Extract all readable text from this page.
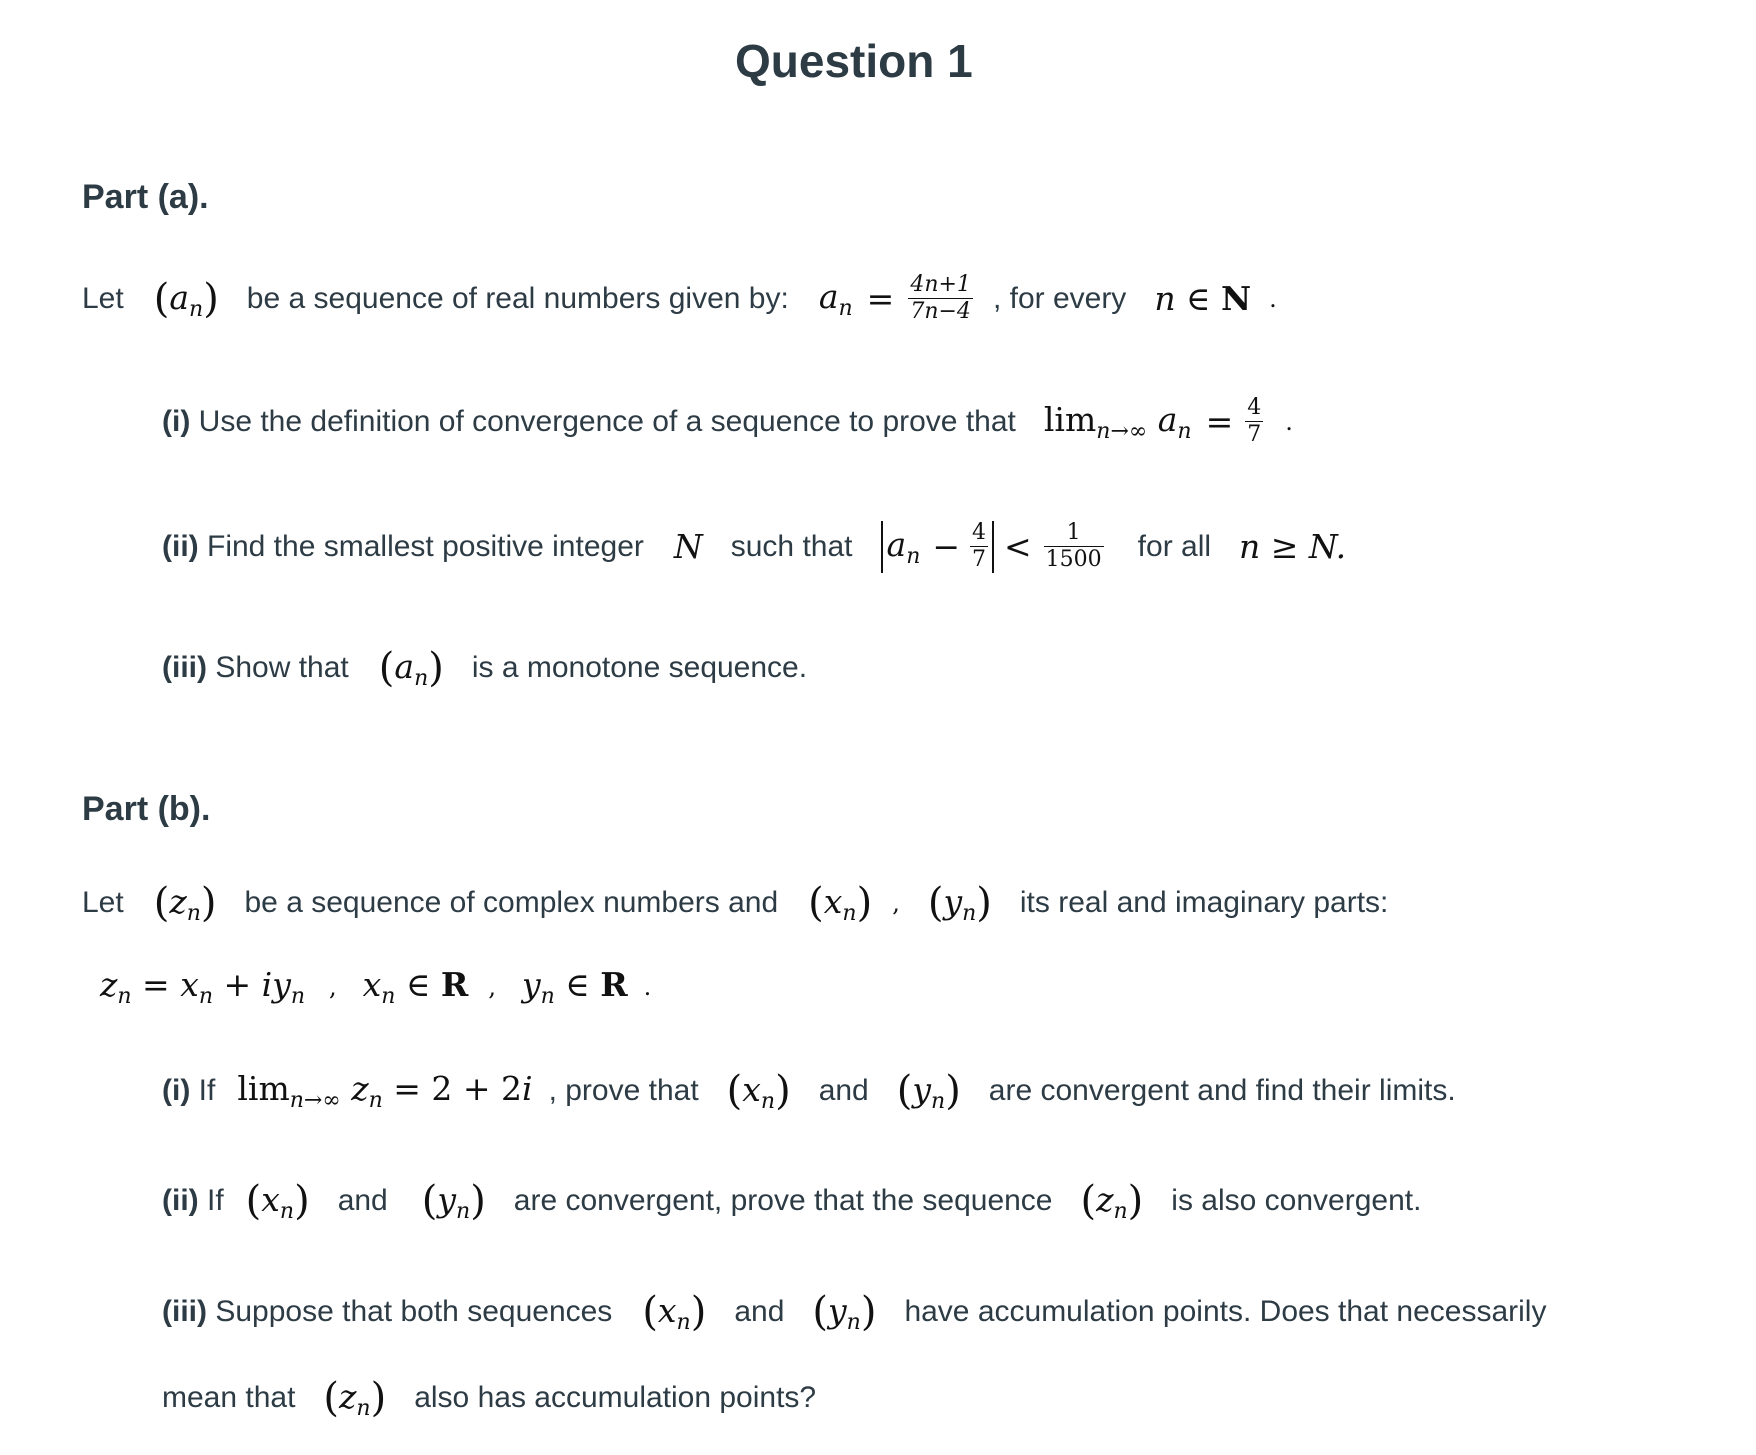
Question 1
Part (a).
Let $(a_n)$ be a sequence of real numbers given by: $a_n = \frac{4n+1}{7n-4}$ , for every n ∈ N .
(i) Use the definition of convergence of a sequence to prove that $\lim_{n\to\infty} a_n = \frac{4}{7}$ .
(ii) Find the smallest positive integer N such that $a_n - \frac{4}{7} < \frac{1}{1500}$ for all n ≥ N.
(iii) Show that $(a_n)$ is a monotone sequence.
Part (b).
Let $(z_n)$ be a sequence of complex numbers and $(x_n)$ , $(y_n)$ its real and imaginary parts:
$z_n = x_n + iy_n$ , $x_n$ ∈ R , $y_n$ ∈ R .
(i) If $\lim_{n\to\infty} z_n = 2 + 2i$ , prove that $(x_n)$ and $(y_n)$ are convergent and find their limits.
(ii) If $(x_n)$ and $(y_n)$ are convergent, prove that the sequence $(z_n)$ is also convergent.
(iii) Suppose that both sequences $(x_n)$ and $(y_n)$ have accumulation points. Does that necessarily
mean that $(z_n)$ also has accumulation points?
